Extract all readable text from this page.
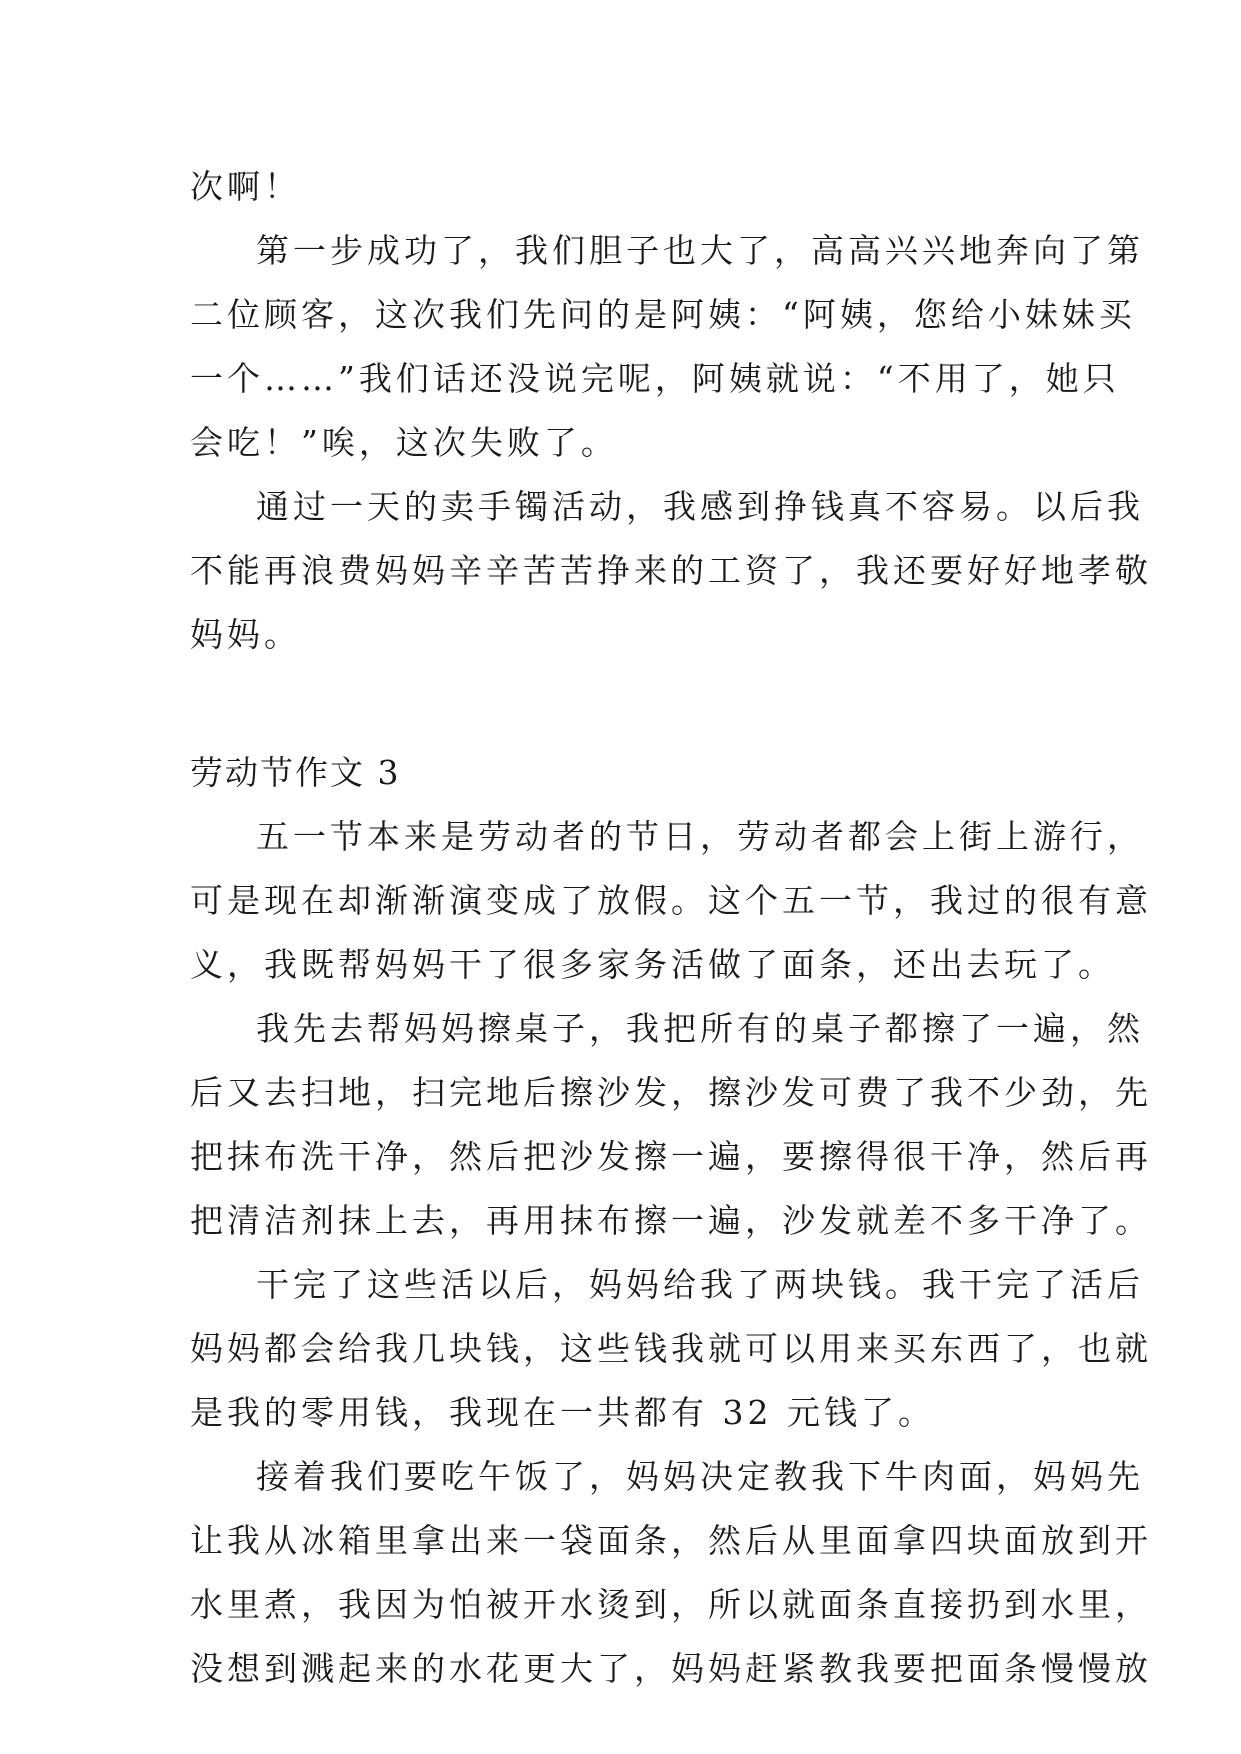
次啊！

第一步成功了，我们胆子也大了，高高兴兴地奔向了第

二位顾客，这次我们先问的是阿姨：“阿姨，您给小妹妹买

一个……”我们话还没说完呢，阿姨就说：“不用了，她只

会吃！”唉，这次失败了。

通过一天的卖手镯活动，我感到挣钱真不容易。以后我

不能再浪费妈妈辛辛苦苦挣来的工资了，我还要好好地孝敬

妈妈。

劳动节作文 3

五一节本来是劳动者的节日，劳动者都会上街上游行，

可是现在却渐渐演变成了放假。这个五一节，我过的很有意

义，我既帮妈妈干了很多家务活做了面条，还出去玩了。

我先去帮妈妈擦桌子，我把所有的桌子都擦了一遍，然

后又去扫地，扫完地后擦沙发，擦沙发可费了我不少劲，先

把抹布洗干净，然后把沙发擦一遍，要擦得很干净，然后再

把清洁剂抹上去，再用抹布擦一遍，沙发就差不多干净了。

干完了这些活以后，妈妈给我了两块钱。我干完了活后

妈妈都会给我几块钱，这些钱我就可以用来买东西了，也就

是我的零用钱，我现在一共都有 32 元钱了。

接着我们要吃午饭了，妈妈决定教我下牛肉面，妈妈先

让我从冰箱里拿出来一袋面条，然后从里面拿四块面放到开

水里煮，我因为怕被开水烫到，所以就面条直接扔到水里，

没想到溅起来的水花更大了，妈妈赶紧教我要把面条慢慢放
